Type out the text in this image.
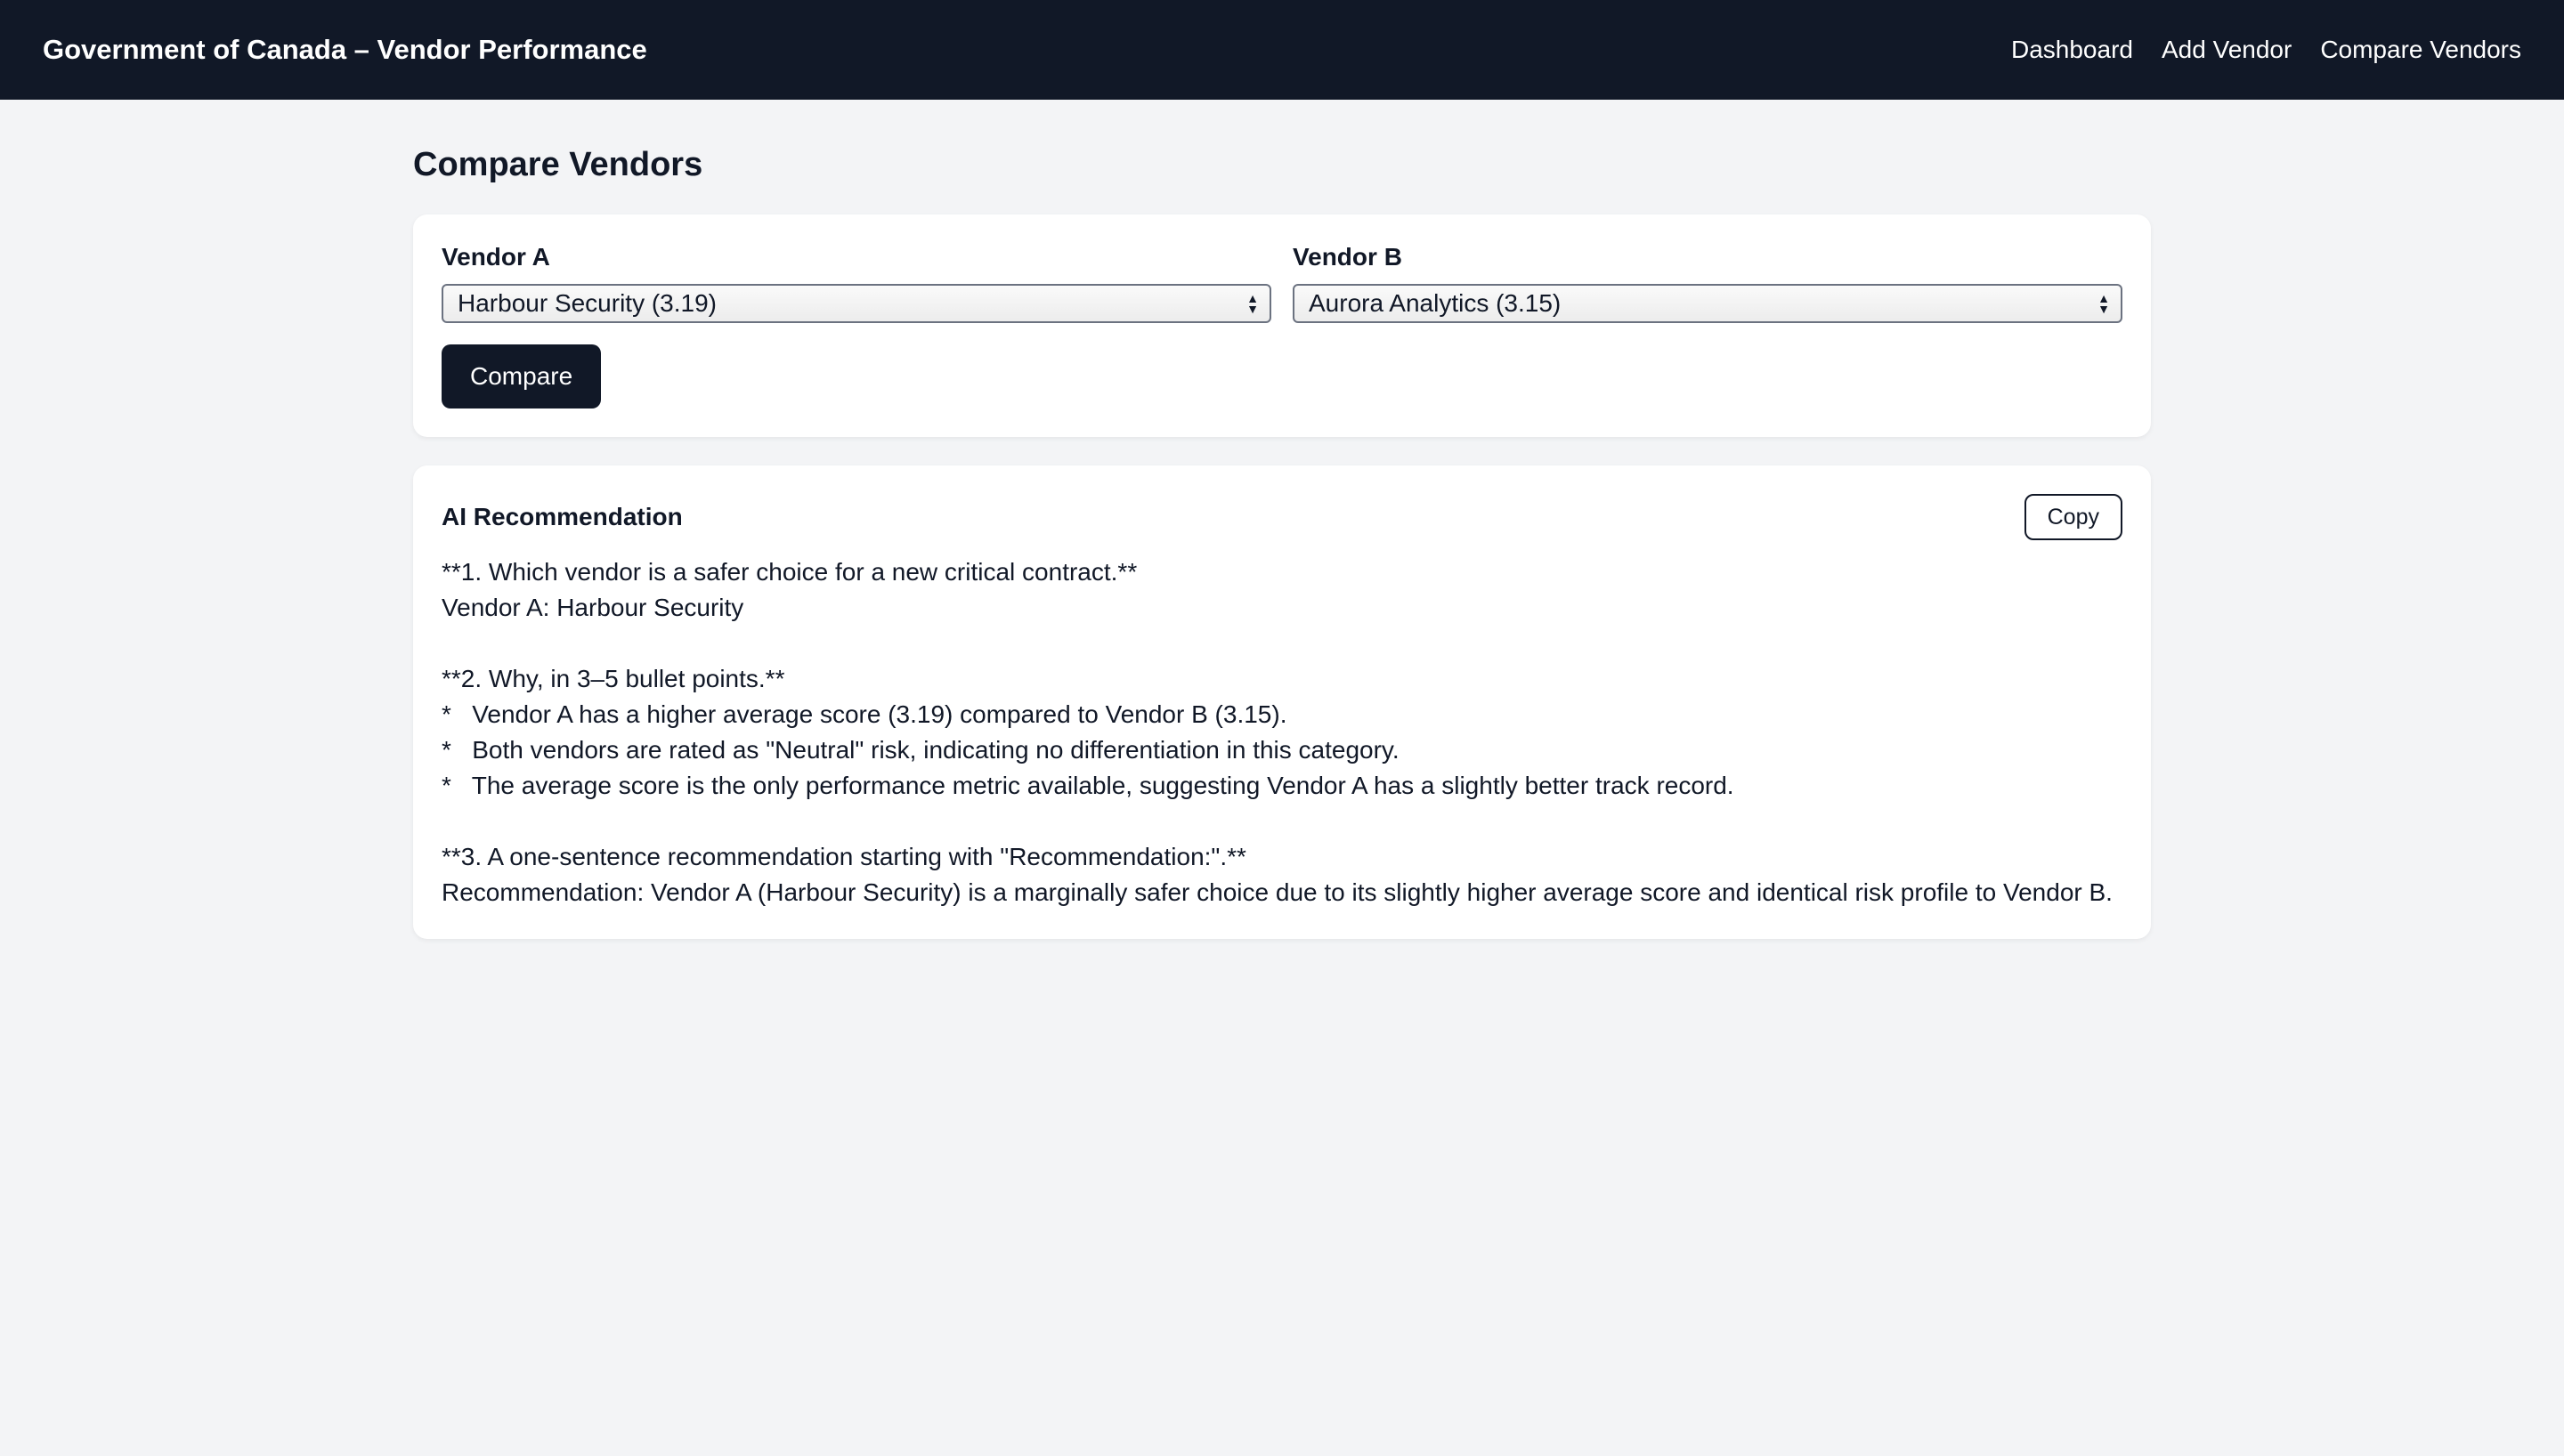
Government of Canada – Vendor Performance	Dashboard Add Vendor Compare Vendors
Compare Vendors
Vendor A
Harbour Security (3.19)	▲
▼
Vendor B
Aurora Analytics (3.15)	▲
▼
Compare
AI Recommendation	Copy
**1. Which vendor is a safer choice for a new critical contract.**
Vendor A: Harbour Security

**2. Why, in 3–5 bullet points.**
*   Vendor A has a higher average score (3.19) compared to Vendor B (3.15).
*   Both vendors are rated as "Neutral" risk, indicating no differentiation in this category.
*   The average score is the only performance metric available, suggesting Vendor A has a slightly better track record.

**3. A one-sentence recommendation starting with "Recommendation:".**
Recommendation: Vendor A (Harbour Security) is a marginally safer choice due to its slightly higher average score and identical risk profile to Vendor B.
